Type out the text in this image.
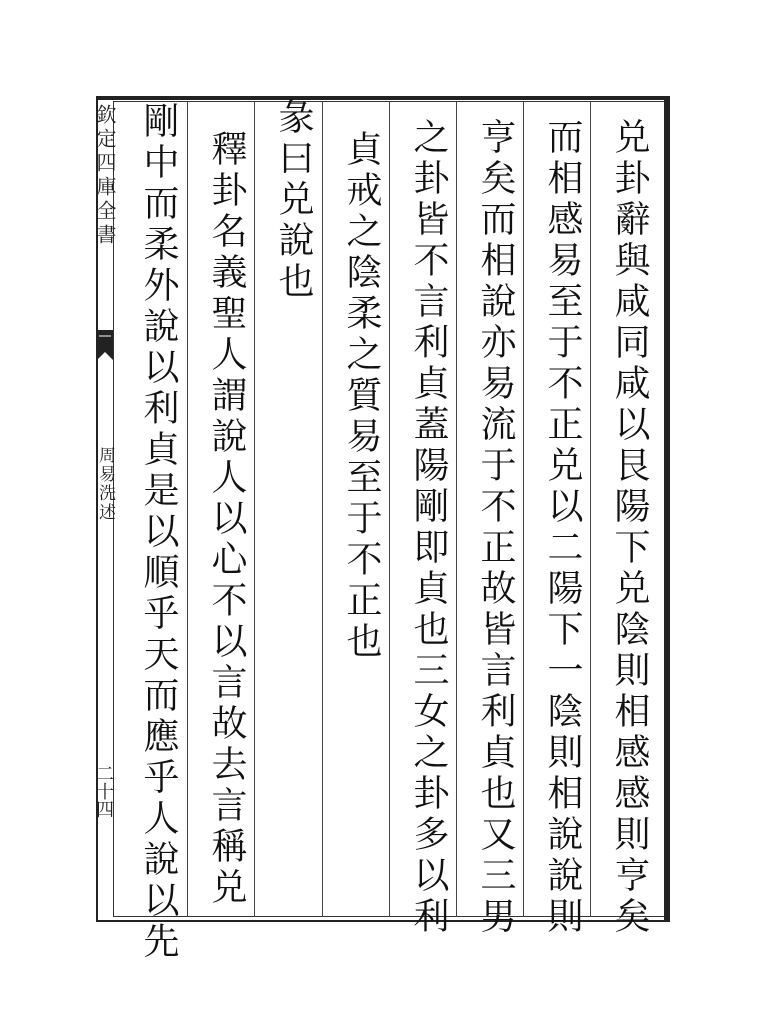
欽定四庫全書
周易洗述
二十四	兑卦辭與咸同咸以艮陽下兑陰則相感感則亨矣
而相感易至于不正兑以二陽下一陰則相說說則
亨矣而相說亦易流于不正故皆言利貞也又三男
之卦皆不言利貞蓋陽剛即貞也三女之卦多以利
貞戒之陰柔之質易至于不正也
彖曰兑說也
釋卦名義聖人謂說人以心不以言故去言稱兑
剛中而柔外說以利貞是以順乎天而應乎人說以先
